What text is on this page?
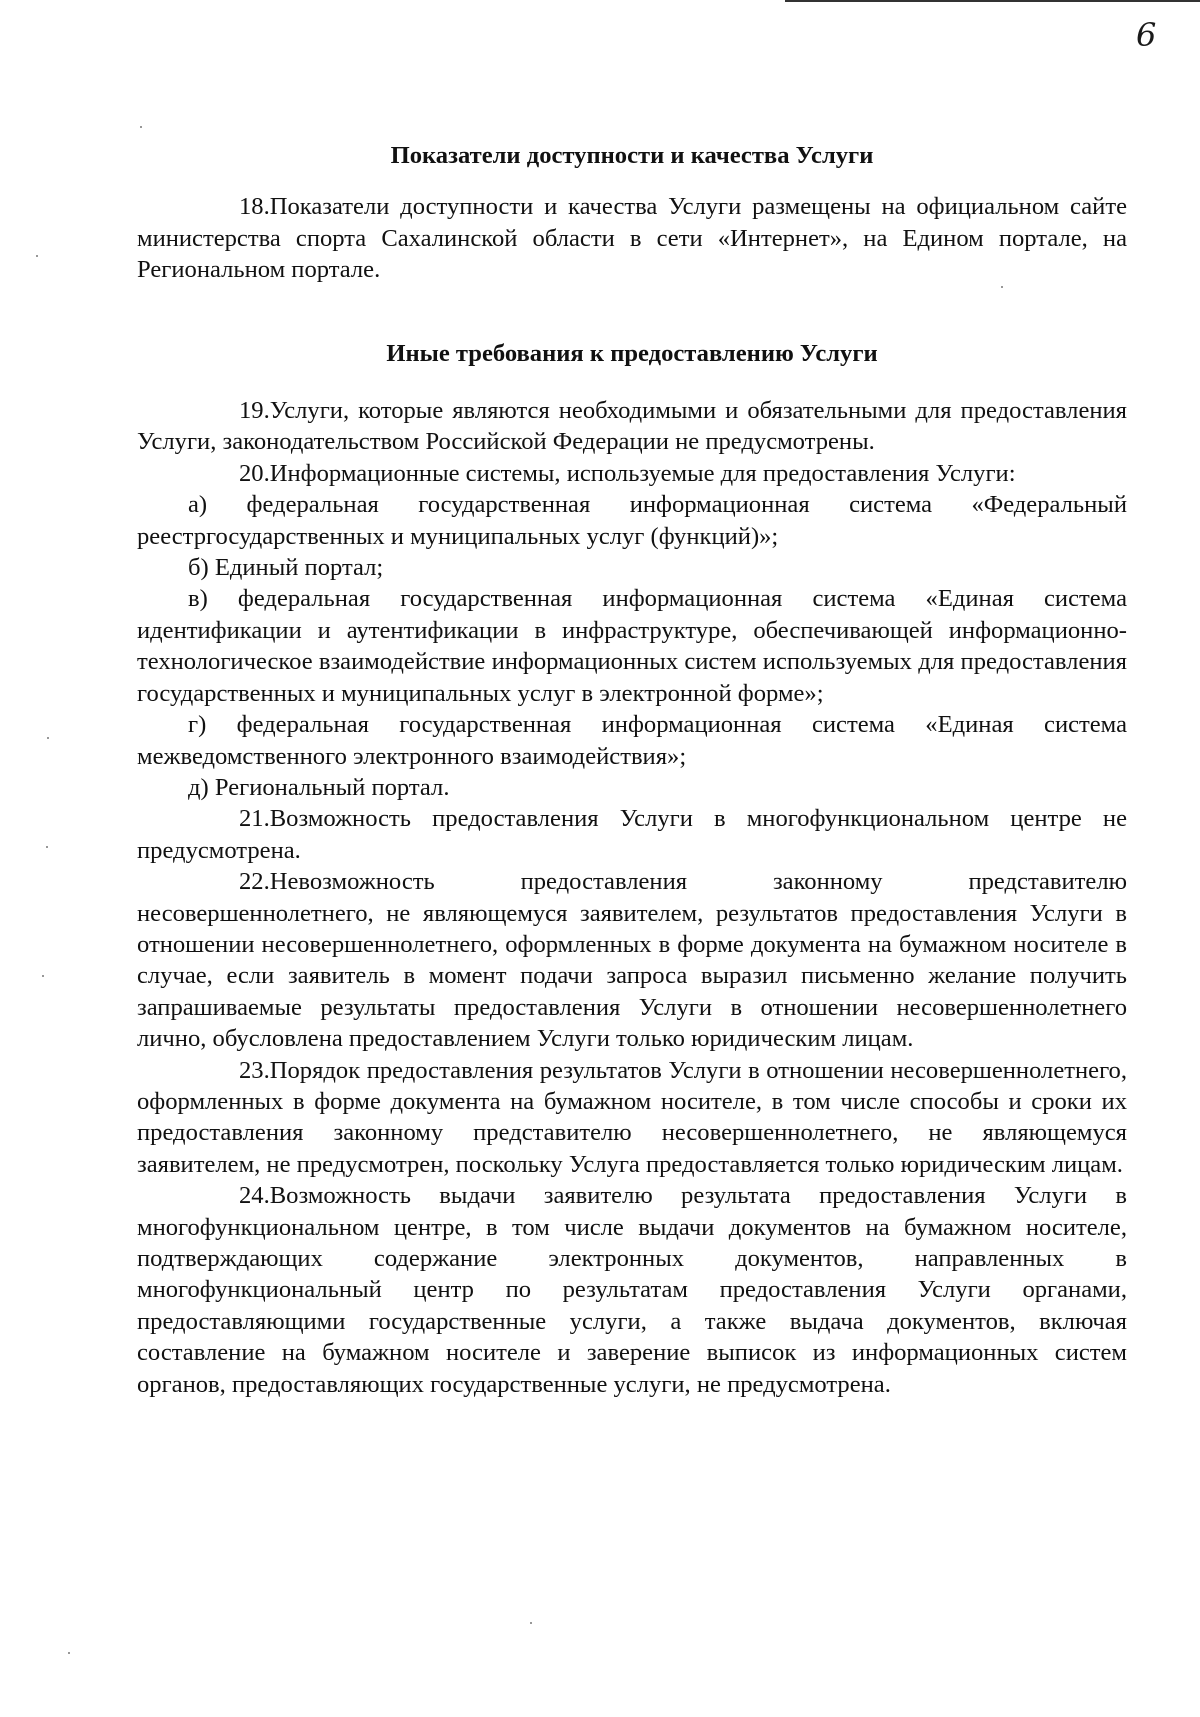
6
Показатели доступности и качества Услуги

18.Показатели доступности и качества Услуги размещены на официальном сайте министерства спорта Сахалинской области в сети «Интернет», на Едином портале, на Региональном портале.

Иные требования к предоставлению Услуги

19.Услуги, которые являются необходимыми и обязательными для предоставления Услуги, законодательством Российской Федерации не предусмотрены.

20.Информационные системы, используемые для предоставления Услуги:

а) федеральная государственная информационная система «Федеральный реестргосударственных и муниципальных услуг (функций)»;

б) Единый портал;

в) федеральная государственная информационная система «Единая система идентификации и аутентификации в инфраструктуре, обеспечивающей информационно-технологическое взаимодействие информационных систем используемых для предоставления государственных и муниципальных услуг в электронной форме»;

г) федеральная государственная информационная система «Единая система межведомственного электронного взаимодействия»;

д) Региональный портал.

21.Возможность предоставления Услуги в многофункциональном центре не предусмотрена.

22.Невозможность предоставления законному представителю несовершеннолетнего, не являющемуся заявителем, результатов предоставления Услуги в отношении несовершеннолетнего, оформленных в форме документа на бумажном носителе в случае, если заявитель в момент подачи запроса выразил письменно желание получить запрашиваемые результаты предоставления Услуги в отношении несовершеннолетнего лично, обусловлена предоставлением Услуги только юридическим лицам.

23.Порядок предоставления результатов Услуги в отношении несовершеннолетнего, оформленных в форме документа на бумажном носителе, в том числе способы и сроки их предоставления законному представителю несовершеннолетнего, не являющемуся заявителем, не предусмотрен, поскольку Услуга предоставляется только юридическим лицам.

24.Возможность выдачи заявителю результата предоставления Услуги в многофункциональном центре, в том числе выдачи документов на бумажном носителе, подтверждающих содержание электронных документов, направленных в многофункциональный центр по результатам предоставления Услуги органами, предоставляющими государственные услуги, а также выдача документов, включая составление на бумажном носителе и заверение выписок из информационных систем органов, предоставляющих государственные услуги, не предусмотрена.
